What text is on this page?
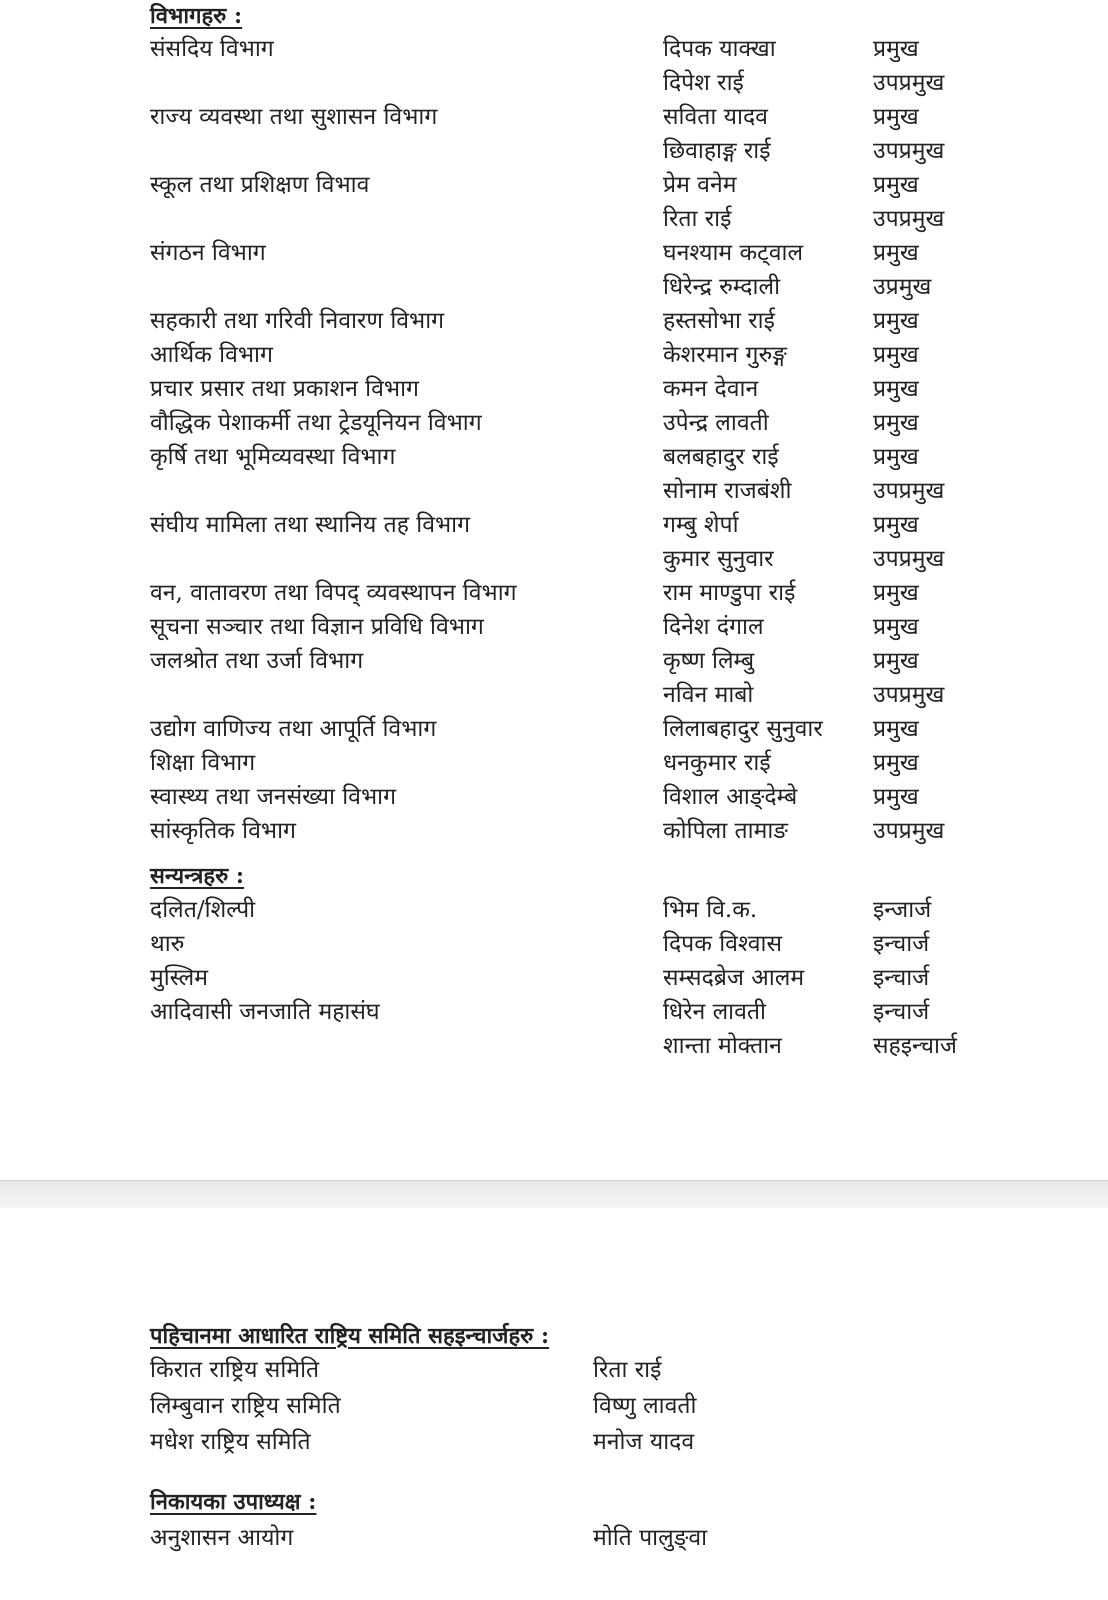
विभागहरु :
संसदिय विभाग	दिपक याक्खा	प्रमुख
दिपेश राई	उपप्रमुख
राज्य व्यवस्था तथा सुशासन विभाग	सविता यादव	प्रमुख
छिवाहाङ्ग राई	उपप्रमुख
स्कूल तथा प्रशिक्षण विभाव	प्रेम वनेम	प्रमुख
रिता राई	उपप्रमुख
संगठन विभाग	घनश्याम कट्वाल	प्रमुख
धिरेन्द्र रुम्दाली	उप्रमुख
सहकारी तथा गरिवी निवारण विभाग	हस्तसोभा राई	प्रमुख
आर्थिक विभाग	केशरमान गुरुङ्ग	प्रमुख
प्रचार प्रसार तथा प्रकाशन विभाग	कमन देवान	प्रमुख
वौद्धिक पेशाकर्मी तथा ट्रेडयूनियन विभाग	उपेन्द्र लावती	प्रमुख
कृर्षि तथा भूमिव्यवस्था विभाग	बलबहादुर राई	प्रमुख
सोनाम राजबंशी	उपप्रमुख
संघीय मामिला तथा स्थानिय तह विभाग	गम्बु शेर्पा	प्रमुख
कुमार सुनुवार	उपप्रमुख
वन, वातावरण तथा विपद् व्यवस्थापन विभाग	राम माण्डुपा राई	प्रमुख
सूचना सञ्चार तथा विज्ञान प्रविधि विभाग	दिनेश दंगाल	प्रमुख
जलश्रोत तथा उर्जा विभाग	कृष्ण लिम्बु	प्रमुख
नविन माबो	उपप्रमुख
उद्योग वाणिज्य तथा आपूर्ति विभाग	लिलाबहादुर सुनुवार प्रमुख
शिक्षा विभाग	धनकुमार राई	प्रमुख
स्वास्थ्य तथा जनसंख्या विभाग	विशाल आङ्देम्बे	प्रमुख
सांस्कृतिक विभाग	कोपिला तामाङ	उपप्रमुख
सन्यन्त्रहरु :
दलित/शिल्पी	भिम वि.क.	इन्जार्ज
थारु	दिपक विश्वास	इन्चार्ज
मुस्लिम	सम्सदब्रेज आलम	इन्चार्ज
आदिवासी जनजाति महासंघ	धिरेन लावती	इन्चार्ज
शान्ता मोक्तान	सहइन्चार्ज
पहिचानमा आधारित राष्ट्रिय समिति सहइन्चार्जहरु :
किरात राष्ट्रिय समिति	रिता राई
लिम्बुवान राष्ट्रिय समिति	विष्णु लावती
मधेश राष्ट्रिय समिति	मनोज यादव
निकायका उपाध्यक्ष :
अनुशासन आयोग	मोति पालुङ्वा
